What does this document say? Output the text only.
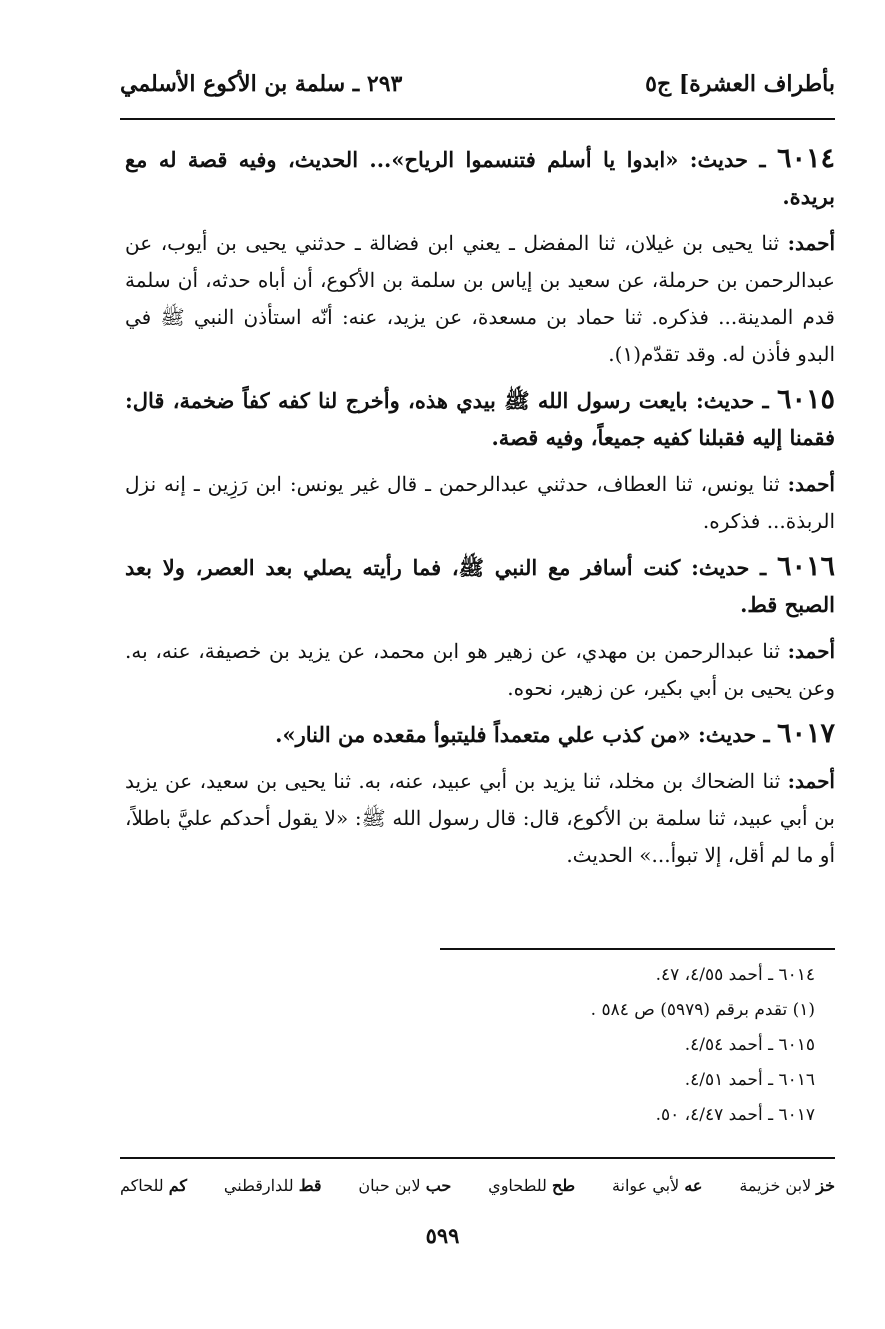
بأطراف العشرة] ج٥
٢٩٣ ـ سلمة بن الأكوع الأسلمي

٦٠١٤ ـ حديث: «ابدوا يا أسلم فتنسموا الرياح»... الحديث، وفيه قصة له مع بريدة.

أحمد: ثنا يحيى بن غيلان، ثنا المفضل ـ يعني ابن فضالة ـ حدثني يحيى بن أيوب، عن عبدالرحمن بن حرملة، عن سعيد بن إياس بن سلمة بن الأكوع، أن أباه حدثه، أن سلمة قدم المدينة... فذكره. ثنا حماد بن مسعدة، عن يزيد، عنه: أنّه استأذن النبي ﷺ في البدو فأذن له. وقد تقدّم(١).

٦٠١٥ ـ حديث: بايعت رسول الله ﷺ بيدي هذه، وأخرج لنا كفه كفاً ضخمة، قال: فقمنا إليه فقبلنا كفيه جميعاً، وفيه قصة.

أحمد: ثنا يونس، ثنا العطاف، حدثني عبدالرحمن ـ قال غير يونس: ابن رَزِين ـ إنه نزل الربذة... فذكره.

٦٠١٦ ـ حديث: كنت أسافر مع النبي ﷺ، فما رأيته يصلي بعد العصر، ولا بعد الصبح قط.

أحمد: ثنا عبدالرحمن بن مهدي، عن زهير هو ابن محمد، عن يزيد بن خصيفة، عنه، به. وعن يحيى بن أبي بكير، عن زهير، نحوه.

٦٠١٧ ـ حديث: «من كذب علي متعمداً فليتبوأ مقعده من النار».

أحمد: ثنا الضحاك بن مخلد، ثنا يزيد بن أبي عبيد، عنه، به. ثنا يحيى بن سعيد، عن يزيد بن أبي عبيد، ثنا سلمة بن الأكوع، قال: قال رسول الله ﷺ: «لا يقول أحدكم عليَّ باطلاً، أو ما لم أقل، إلا تبوأ...» الحديث.

٦٠١٤ ـ أحمد ٤/٥٥، ٤٧.
(١) تقدم برقم (٥٩٧٩) ص ٥٨٤ .
٦٠١٥ ـ أحمد ٤/٥٤.
٦٠١٦ ـ أحمد ٤/٥١.
٦٠١٧ ـ أحمد ٤/٤٧، ٥٠.
خز لابن خزيمة
عه لأبي عوانة
طح للطحاوي
حب لابن حبان
قط للدارقطني
كم للحاكم
٥٩٩
